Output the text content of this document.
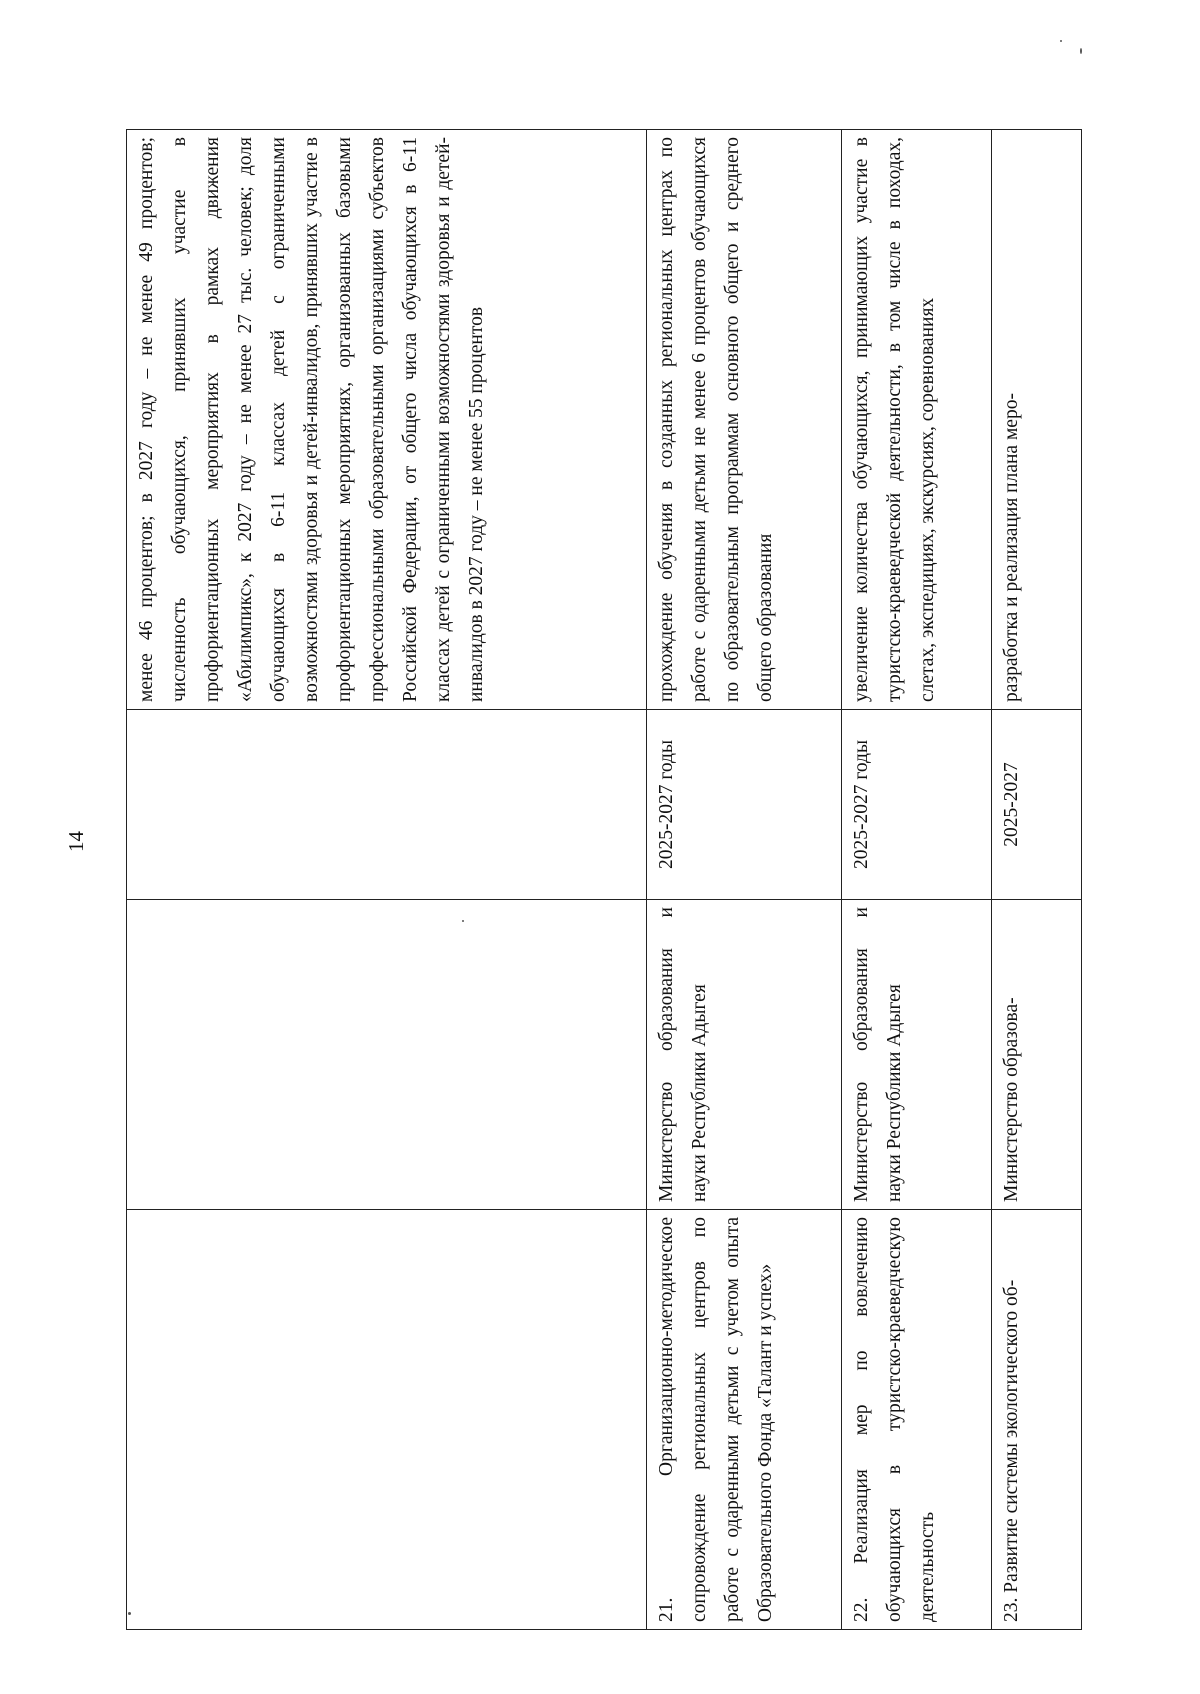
14
			менее 46 процентов; в 2027 году – не менее 49 процентов; численность обучающихся, принявших участие в профориентационных мероприятиях в рамках движения «Абилимпикс», к 2027 году – не менее 27 тыс. человек; доля обучающихся в 6-11 классах детей с ограниченными возможностями здоровья и детей-инвалидов, принявших участие в профориентационных мероприятиях, организованных базовыми профессиональными образовательными организациями субъектов Российской Федерации, от общего числа обучающихся в 6-11 классах детей с ограниченными возможностями здоровья и детей-инвалидов в 2027 году – не менее 55 процентов
21. Организационно-методическое сопровождение региональных центров по работе с одаренными детьми с учетом опыта Образовательного Фонда «Талант и успех»	Министерство образования и науки Республики Адыгея	2025-2027 годы	прохождение обучения в созданных региональных центрах по работе с одаренными детьми не менее 6 процентов обучающихся по образовательным программам основного общего и среднего общего образования
22. Реализация мер по вовлечению обучающихся в туристско-краеведческую деятельность	Министерство образования и науки Республики Адыгея	2025-2027 годы	увеличение количества обучающихся, принимающих участие в туристско-краеведческой деятельности, в том числе в походах, слетах, экспедициях, экскурсиях, соревнованиях
23. Развитие системы экологического об-	Министерство образова-	2025-2027	разработка и реализация плана меро-
